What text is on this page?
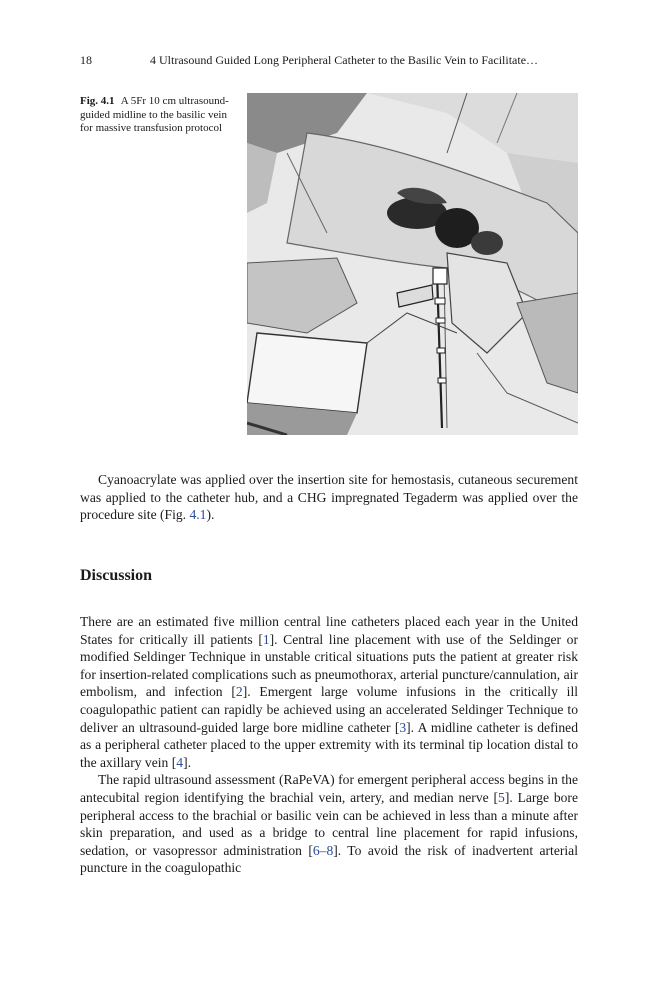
18	4 Ultrasound Guided Long Peripheral Catheter to the Basilic Vein to Facilitate…
Fig. 4.1 A 5Fr 10 cm ultrasound-guided midline to the basilic vein for massive transfusion protocol

Cyanoacrylate was applied over the insertion site for hemostasis, cutaneous securement was applied to the catheter hub, and a CHG impregnated Tegaderm was applied over the procedure site (Fig. 4.1).

Discussion

There are an estimated five million central line catheters placed each year in the United States for critically ill patients [1]. Central line placement with use of the Seldinger or modified Seldinger Technique in unstable critical situations puts the patient at greater risk for insertion-related complications such as pneumothorax, arterial puncture/cannulation, air embolism, and infection [2]. Emergent large volume infusions in the critically ill coagulopathic patient can rapidly be achieved using an accelerated Seldinger Technique to deliver an ultrasound-guided large bore midline catheter [3]. A midline catheter is defined as a peripheral catheter placed to the upper extremity with its terminal tip location distal to the axillary vein [4].

The rapid ultrasound assessment (RaPeVA) for emergent peripheral access begins in the antecubital region identifying the brachial vein, artery, and median nerve [5]. Large bore peripheral access to the brachial or basilic vein can be achieved in less than a minute after skin preparation, and used as a bridge to central line placement for rapid infusions, sedation, or vasopressor administration [6–8]. To avoid the risk of inadvertent arterial puncture in the coagulopathic
